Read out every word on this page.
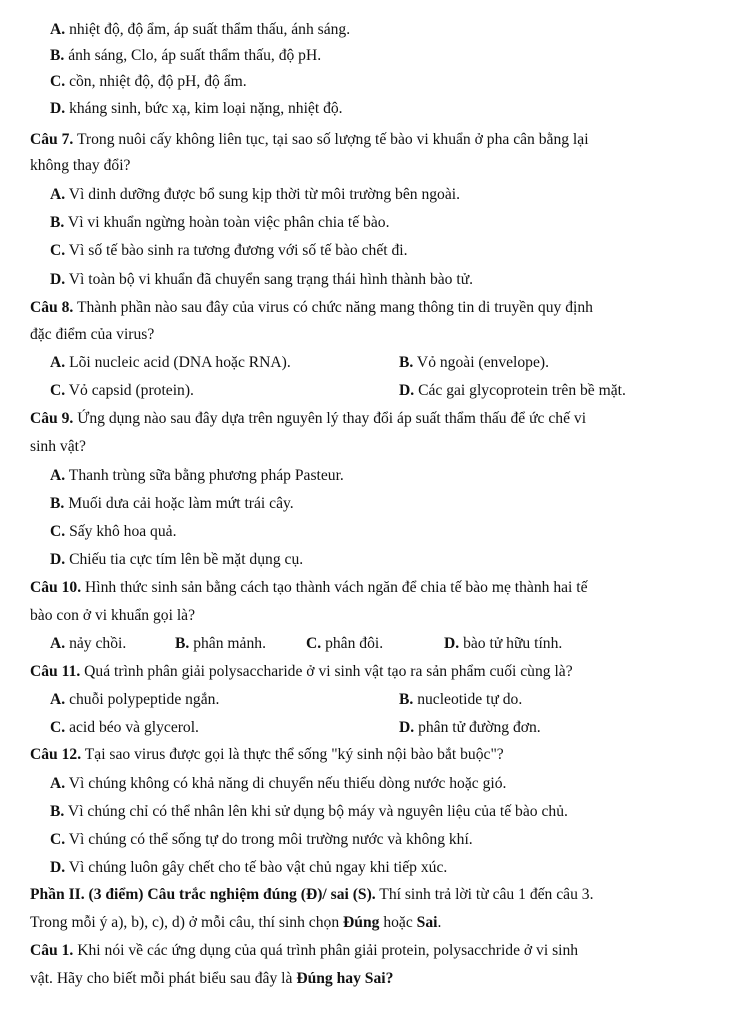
A. nhiệt độ, độ ẩm, áp suất thẩm thấu, ánh sáng.
B. ánh sáng, Clo, áp suất thẩm thấu, độ pH.
C. cồn, nhiệt độ, độ pH, độ ẩm.
D. kháng sinh, bức xạ, kim loại nặng, nhiệt độ.
Câu 7. Trong nuôi cấy không liên tục, tại sao số lượng tế bào vi khuẩn ở pha cân bằng lại
không thay đổi?
A. Vì dinh dưỡng được bổ sung kịp thời từ môi trường bên ngoài.
B. Vì vi khuẩn ngừng hoàn toàn việc phân chia tế bào.
C. Vì số tế bào sinh ra tương đương với số tế bào chết đi.
D. Vì toàn bộ vi khuẩn đã chuyển sang trạng thái hình thành bào tử.
Câu 8. Thành phần nào sau đây của virus có chức năng mang thông tin di truyền quy định
đặc điểm của virus?
A. Lõi nucleic acid (DNA hoặc RNA).	B. Vỏ ngoài (envelope).
C. Vỏ capsid (protein).	D. Các gai glycoprotein trên bề mặt.
Câu 9. Ứng dụng nào sau đây dựa trên nguyên lý thay đổi áp suất thẩm thấu để ức chế vi
sinh vật?
A. Thanh trùng sữa bằng phương pháp Pasteur.
B. Muối dưa cải hoặc làm mứt trái cây.
C. Sấy khô hoa quả.
D. Chiếu tia cực tím lên bề mặt dụng cụ.
Câu 10. Hình thức sinh sản bằng cách tạo thành vách ngăn để chia tế bào mẹ thành hai tế
bào con ở vi khuẩn gọi là?
A. nảy chồi.	B. phân mảnh.	C. phân đôi.	D. bào tử hữu tính.
Câu 11. Quá trình phân giải polysaccharide ở vi sinh vật tạo ra sản phẩm cuối cùng là?
A. chuỗi polypeptide ngắn.	B. nucleotide tự do.
C. acid béo và glycerol.	D. phân tử đường đơn.
Câu 12. Tại sao virus được gọi là thực thể sống "ký sinh nội bào bắt buộc"?
A. Vì chúng không có khả năng di chuyển nếu thiếu dòng nước hoặc gió.
B. Vì chúng chỉ có thể nhân lên khi sử dụng bộ máy và nguyên liệu của tế bào chủ.
C. Vì chúng có thể sống tự do trong môi trường nước và không khí.
D. Vì chúng luôn gây chết cho tế bào vật chủ ngay khi tiếp xúc.
Phần II. (3 điểm) Câu trắc nghiệm đúng (Đ)/ sai (S). Thí sinh trả lời từ câu 1 đến câu 3.
Trong mỗi ý a), b), c), d) ở mỗi câu, thí sinh chọn Đúng hoặc Sai.
Câu 1. Khi nói về các ứng dụng của quá trình phân giải protein, polysacchride ở vi sinh
vật. Hãy cho biết mỗi phát biểu sau đây là Đúng hay Sai?
